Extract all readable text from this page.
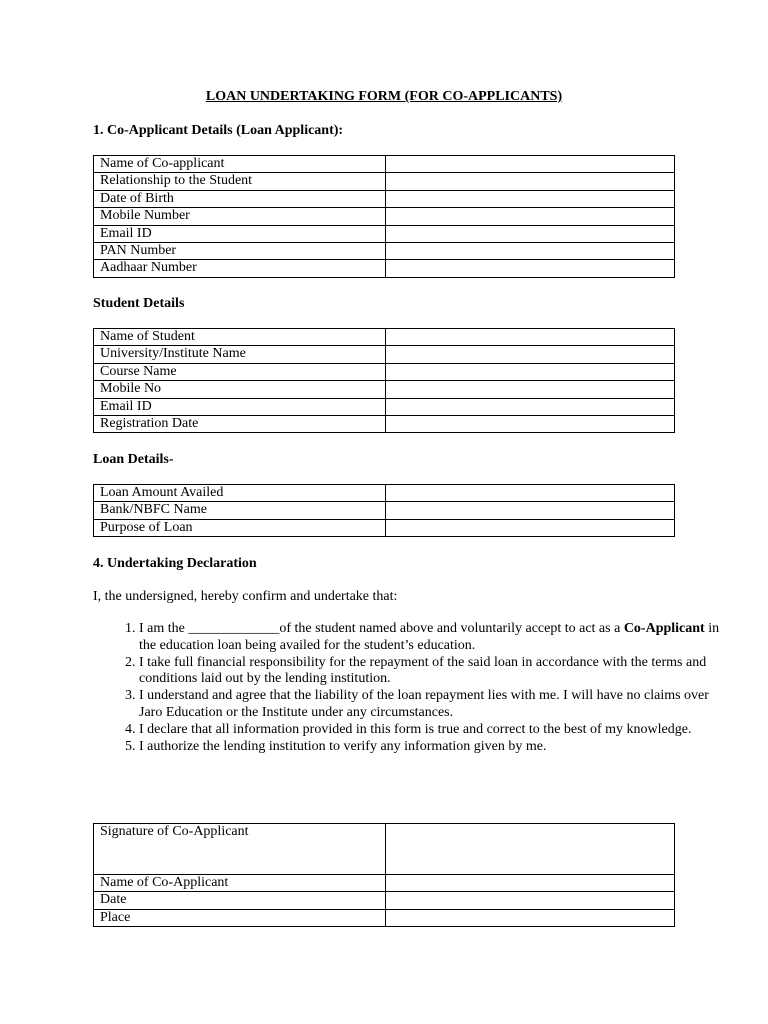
LOAN UNDERTAKING FORM (FOR CO-APPLICANTS)
1. Co-Applicant Details (Loan Applicant):
Name of Co-applicant	
Relationship to the Student	
Date of Birth	
Mobile Number	
Email ID	
PAN Number	
Aadhaar Number	
Student Details
Name of Student	
University/Institute Name	
Course Name	
Mobile No	
Email ID	
Registration Date	
Loan Details-
Loan Amount Availed	
Bank/NBFC Name	
Purpose of Loan	
4. Undertaking Declaration
I, the undersigned, hereby confirm and undertake that:
1. I am the _____________of the student named above and voluntarily accept to act as a Co-Applicant in the education loan being availed for the student’s education.
2. I take full financial responsibility for the repayment of the said loan in accordance with the terms and conditions laid out by the lending institution.
3. I understand and agree that the liability of the loan repayment lies with me. I will have no claims over Jaro Education or the Institute under any circumstances.
4. I declare that all information provided in this form is true and correct to the best of my knowledge.
5. I authorize the lending institution to verify any information given by me.
Signature of Co-Applicant	
Name of Co-Applicant	
Date	
Place	
